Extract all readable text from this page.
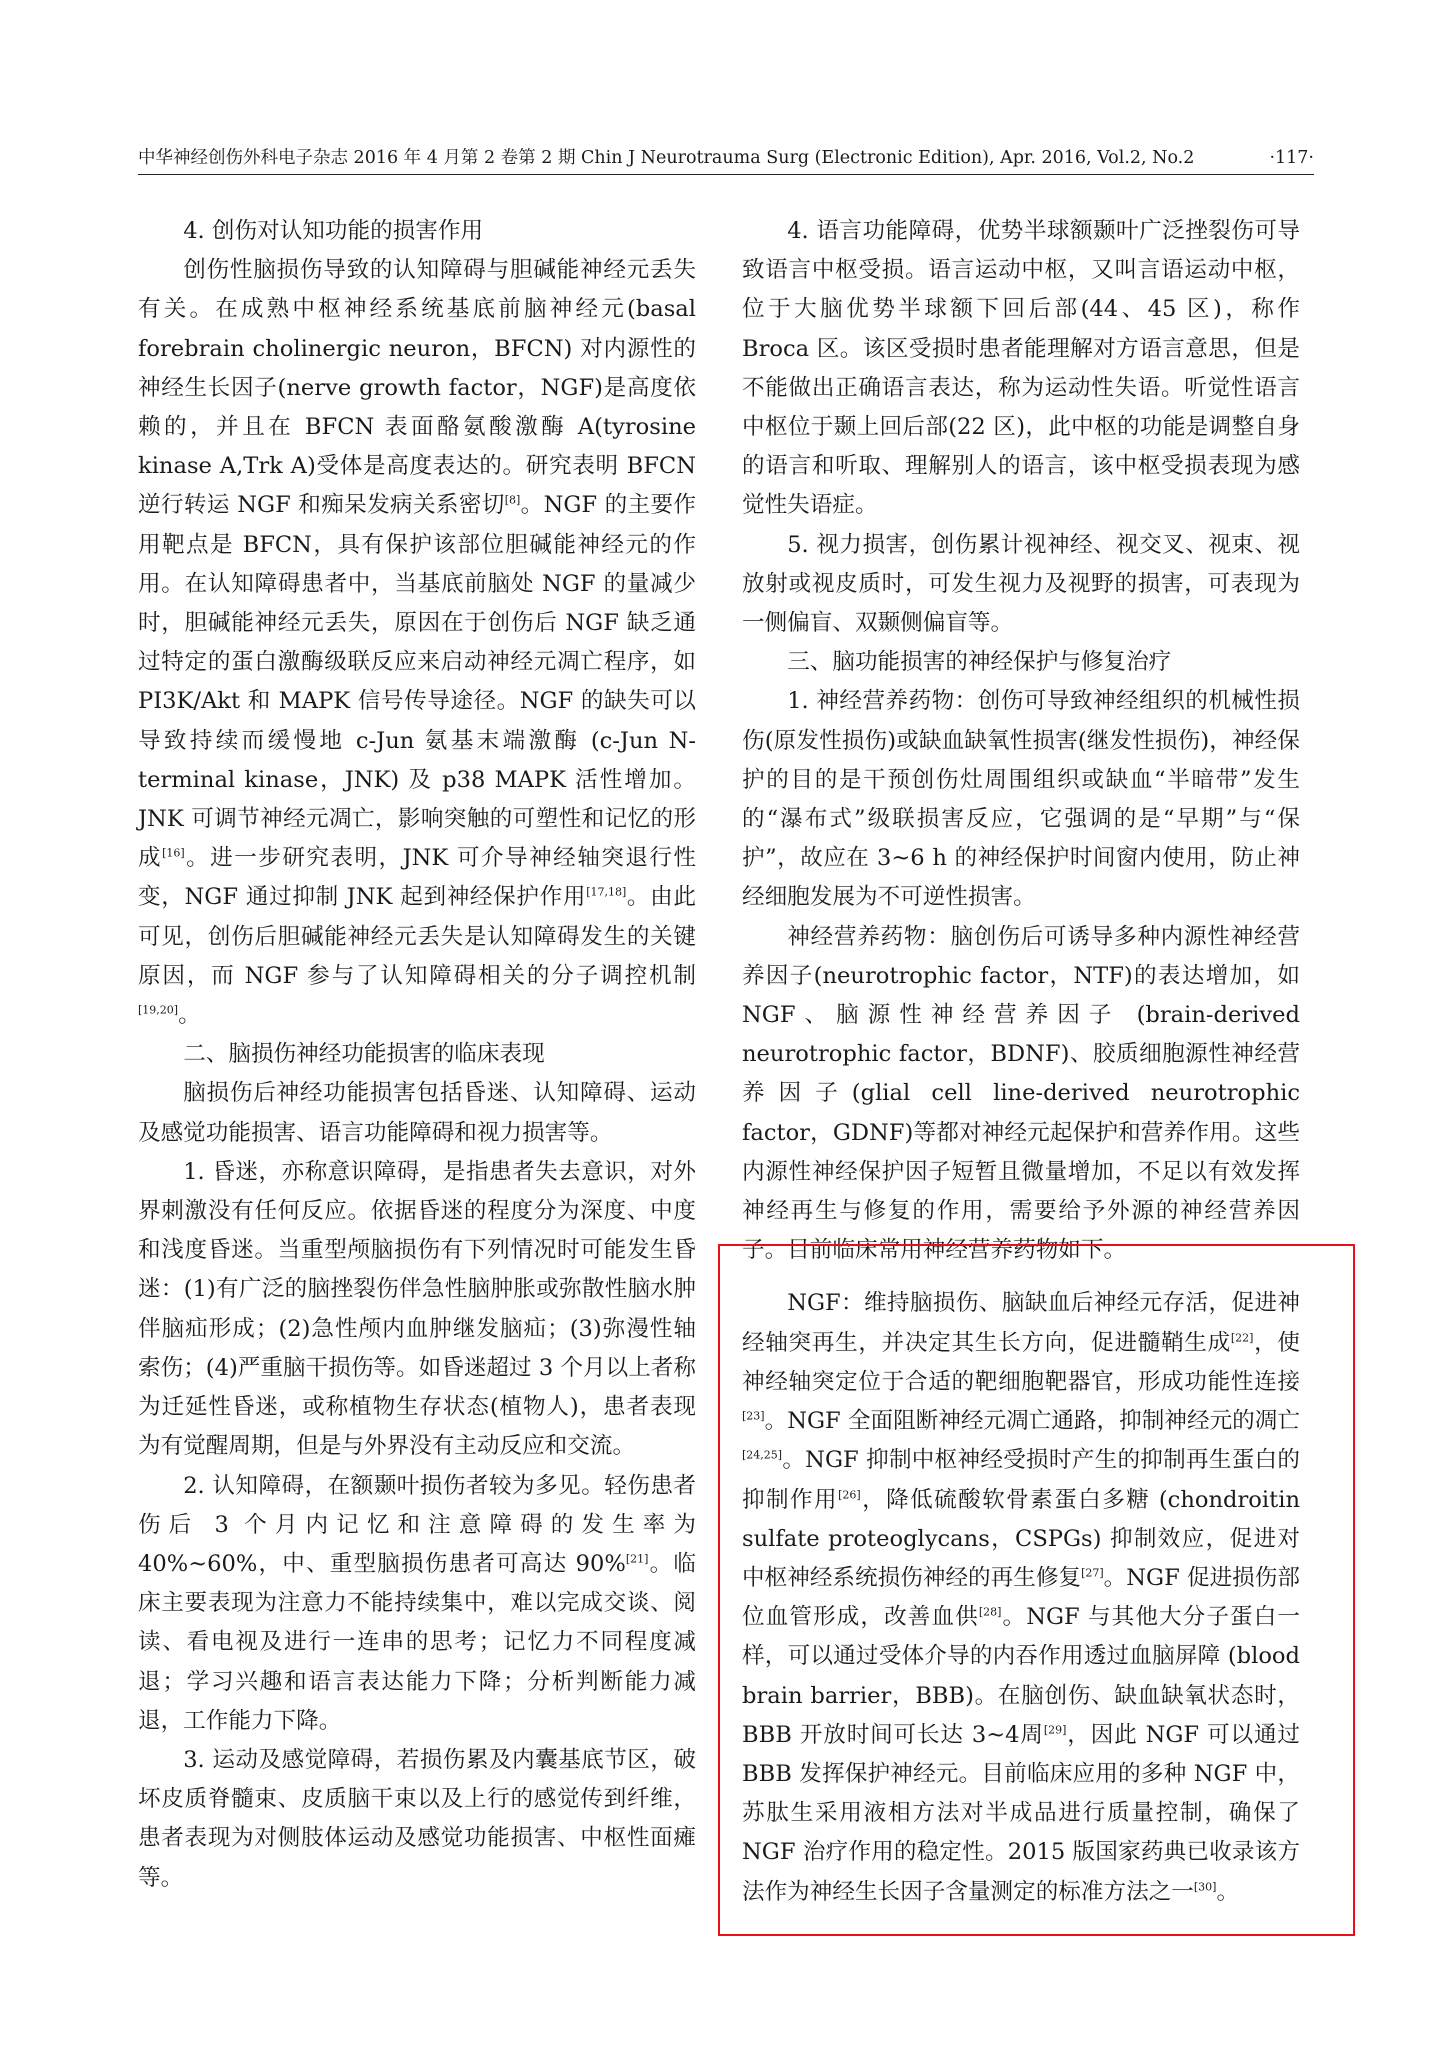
中华神经创伤外科电子杂志 2016 年 4 月第 2 卷第 2 期 Chin J Neurotrauma Surg (Electronic Edition), Apr. 2016, Vol.2, No.2	·117·

4. 创伤对认知功能的损害作用

创伤性脑损伤导致的认知障碍与胆碱能神经元丢失有关。在成熟中枢神经系统基底前脑神经元(basal forebrain cholinergic neuron，BFCN) 对内源性的神经生长因子(nerve growth factor，NGF)是高度依赖的，并且在 BFCN 表面酪氨酸激酶 A(tyrosine kinase A,Trk A)受体是高度表达的。研究表明 BFCN 逆行转运 NGF 和痴呆发病关系密切[8]。NGF 的主要作用靶点是 BFCN，具有保护该部位胆碱能神经元的作用。在认知障碍患者中，当基底前脑处 NGF 的量减少时，胆碱能神经元丢失，原因在于创伤后 NGF 缺乏通过特定的蛋白激酶级联反应来启动神经元凋亡程序，如 PI3K/Akt 和 MAPK 信号传导途径。NGF 的缺失可以导致持续而缓慢地 c-Jun 氨基末端激酶 (c-Jun N-terminal kinase，JNK) 及 p38 MAPK 活性增加。JNK 可调节神经元凋亡，影响突触的可塑性和记忆的形成[16]。进一步研究表明，JNK 可介导神经轴突退行性变，NGF 通过抑制 JNK 起到神经保护作用[17,18]。由此可见，创伤后胆碱能神经元丢失是认知障碍发生的关键原因，而 NGF 参与了认知障碍相关的分子调控机制[19,20]。

二、脑损伤神经功能损害的临床表现

脑损伤后神经功能损害包括昏迷、认知障碍、运动及感觉功能损害、语言功能障碍和视力损害等。

1. 昏迷，亦称意识障碍，是指患者失去意识，对外界刺激没有任何反应。依据昏迷的程度分为深度、中度和浅度昏迷。当重型颅脑损伤有下列情况时可能发生昏迷：(1)有广泛的脑挫裂伤伴急性脑肿胀或弥散性脑水肿伴脑疝形成；(2)急性颅内血肿继发脑疝；(3)弥漫性轴索伤；(4)严重脑干损伤等。如昏迷超过 3 个月以上者称为迁延性昏迷，或称植物生存状态(植物人)，患者表现为有觉醒周期，但是与外界没有主动反应和交流。

2. 认知障碍，在额颞叶损伤者较为多见。轻伤患者伤后 3 个月内记忆和注意障碍的发生率为 40%~60%，中、重型脑损伤患者可高达 90%[21]。临床主要表现为注意力不能持续集中，难以完成交谈、阅读、看电视及进行一连串的思考；记忆力不同程度减退；学习兴趣和语言表达能力下降；分析判断能力减退，工作能力下降。

3. 运动及感觉障碍，若损伤累及内囊基底节区，破坏皮质脊髓束、皮质脑干束以及上行的感觉传到纤维，患者表现为对侧肢体运动及感觉功能损害、中枢性面瘫等。

4. 语言功能障碍，优势半球额颞叶广泛挫裂伤可导致语言中枢受损。语言运动中枢，又叫言语运动中枢，位于大脑优势半球额下回后部(44、45 区)，称作 Broca 区。该区受损时患者能理解对方语言意思，但是不能做出正确语言表达，称为运动性失语。听觉性语言中枢位于颞上回后部(22 区)，此中枢的功能是调整自身的语言和听取、理解别人的语言，该中枢受损表现为感觉性失语症。

5. 视力损害，创伤累计视神经、视交叉、视束、视放射或视皮质时，可发生视力及视野的损害，可表现为一侧偏盲、双颞侧偏盲等。

三、脑功能损害的神经保护与修复治疗

1. 神经营养药物：创伤可导致神经组织的机械性损伤(原发性损伤)或缺血缺氧性损害(继发性损伤)，神经保护的目的是干预创伤灶周围组织或缺血“半暗带”发生的“瀑布式”级联损害反应，它强调的是“早期”与“保护”，故应在 3~6 h 的神经保护时间窗内使用，防止神经细胞发展为不可逆性损害。

神经营养药物：脑创伤后可诱导多种内源性神经营养因子(neurotrophic factor，NTF)的表达增加，如NGF、脑源性神经营养因子 (brain-derived neurotrophic factor，BDNF)、胶质细胞源性神经营养因子(glial cell line-derived neurotrophic factor，GDNF)等都对神经元起保护和营养作用。这些内源性神经保护因子短暂且微量增加，不足以有效发挥神经再生与修复的作用，需要给予外源的神经营养因子。目前临床常用神经营养药物如下。

NGF：维持脑损伤、脑缺血后神经元存活，促进神经轴突再生，并决定其生长方向，促进髓鞘生成[22]，使神经轴突定位于合适的靶细胞靶器官，形成功能性连接[23]。NGF 全面阻断神经元凋亡通路，抑制神经元的凋亡[24,25]。NGF 抑制中枢神经受损时产生的抑制再生蛋白的抑制作用[26]，降低硫酸软骨素蛋白多糖 (chondroitin sulfate proteoglycans，CSPGs) 抑制效应，促进对中枢神经系统损伤神经的再生修复[27]。NGF 促进损伤部位血管形成，改善血供[28]。NGF 与其他大分子蛋白一样，可以通过受体介导的内吞作用透过血脑屏障 (blood brain barrier，BBB)。在脑创伤、缺血缺氧状态时，BBB 开放时间可长达 3~4周[29]，因此 NGF 可以通过 BBB 发挥保护神经元。目前临床应用的多种 NGF 中，苏肽生采用液相方法对半成品进行质量控制，确保了 NGF 治疗作用的稳定性。2015 版国家药典已收录该方法作为神经生长因子含量测定的标准方法之一[30]。
